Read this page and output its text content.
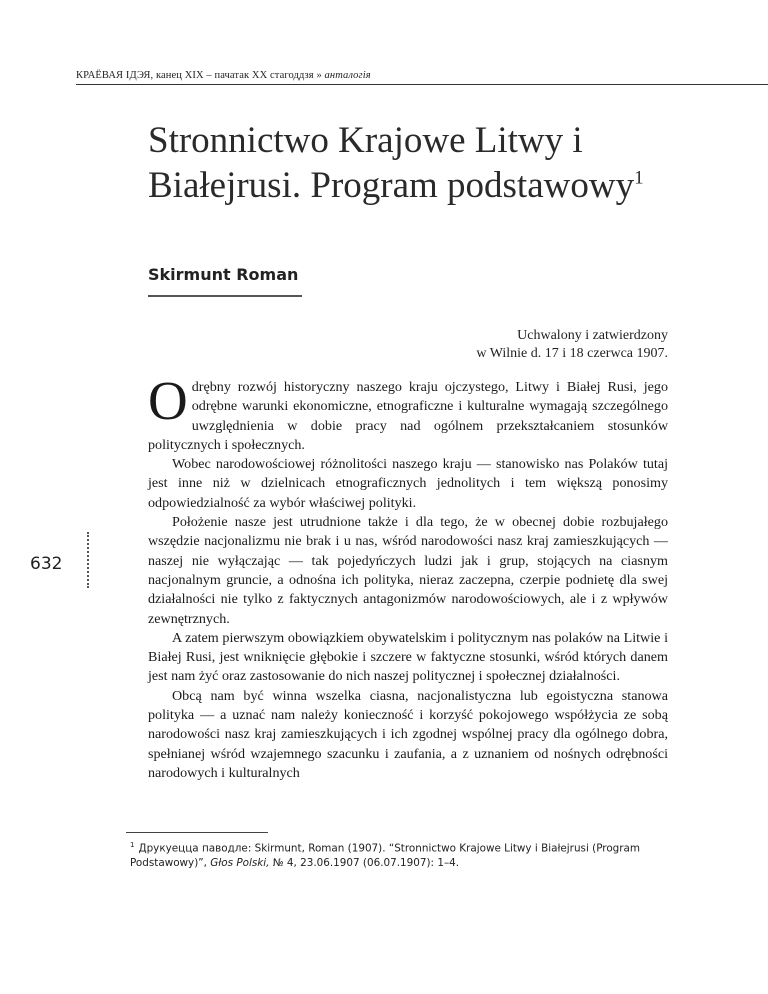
КРАЁВАЯ ІДЭЯ, канец XIX – пачатак XX стагоддзя » анталогія
Stronnictwo Krajowe Litwy i Białejrusi. Program podstawowy$^1$
Skirmunt Roman
Uchwalony i zatwierdzony
w Wilnie d. 17 i 18 czerwca 1907.

Odrębny rozwój historyczny naszego kraju ojczystego, Litwy i Białej Rusi, jego odrębne warunki ekonomiczne, etnograficzne i kulturalne wymagają szczególnego uwzględnienia w dobie pracy nad ogólnem przekształcaniem stosunków politycznych i społecznych.

Wobec narodowościowej różnolitości naszego kraju — stanowisko nas Polaków tutaj jest inne niż w dzielnicach etnograficznych jednolitych i tem większą ponosimy odpowiedzialność za wybór właściwej polityki.

Położenie nasze jest utrudnione także i dla tego, że w obecnej dobie rozbujałego wszędzie nacjonalizmu nie brak i u nas, wśród narodowości nasz kraj zamieszkujących — naszej nie wyłączając — tak pojedyńczych ludzi jak i grup, stojących na ciasnym nacjonalnym gruncie, a odnośna ich polityka, nieraz zaczepna, czerpie podnietę dla swej działalności nie tylko z faktycznych antagonizmów narodowościowych, ale i z wpływów zewnętrznych.

A zatem pierwszym obowiązkiem obywatelskim i politycznym nas polaków na Litwie i Białej Rusi, jest wniknięcie głębokie i szczere w faktyczne stosunki, wśród których danem jest nam żyć oraz zastosowanie do nich naszej politycznej i społecznej działalności.

Obcą nam być winna wszelka ciasna, nacjonalistyczna lub egoistyczna stanowa polityka — a uznać nam należy konieczność i korzyść pokojowego współżycia ze sobą narodowości nasz kraj zamieszkujących i ich zgodnej wspólnej pracy dla ogólnego dobra, spełnianej wśród wzajemnego szacunku i zaufania, a z uznaniem od nośnych odrębności narodowych i kulturalnych

632
$^1$ Друкуецца паводле: Skirmunt, Roman (1907). “Stronnictwo Krajowe Litwy i Białejrusi (Program Podstawowy)”, Głos Polski, № 4, 23.06.1907 (06.07.1907): 1–4.
